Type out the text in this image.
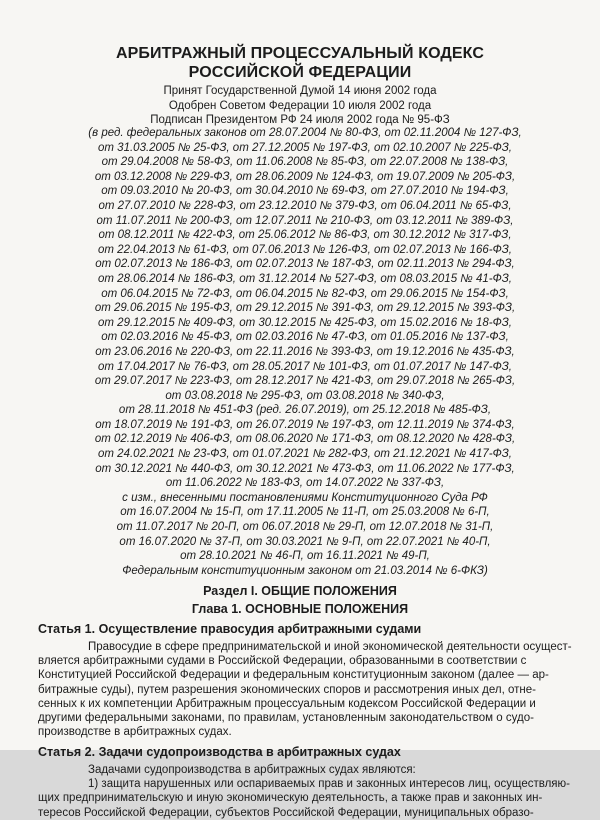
АРБИТРАЖНЫЙ ПРОЦЕССУАЛЬНЫЙ КОДЕКС
РОССИЙСКОЙ ФЕДЕРАЦИИ
Принят Государственной Думой 14 июня 2002 года
Одобрен Советом Федерации 10 июля 2002 года
Подписан Президентом РФ 24 июля 2002 года № 95-ФЗ
(в ред. федеральных законов от 28.07.2004 № 80-ФЗ, от 02.11.2004 № 127-ФЗ,
от 31.03.2005 № 25-ФЗ, от 27.12.2005 № 197-ФЗ, от 02.10.2007 № 225-ФЗ,
от 29.04.2008 № 58-ФЗ, от 11.06.2008 № 85-ФЗ, от 22.07.2008 № 138-ФЗ,
от 03.12.2008 № 229-ФЗ, от 28.06.2009 № 124-ФЗ, от 19.07.2009 № 205-ФЗ,
от 09.03.2010 № 20-ФЗ, от 30.04.2010 № 69-ФЗ, от 27.07.2010 № 194-ФЗ,
от 27.07.2010 № 228-ФЗ, от 23.12.2010 № 379-ФЗ, от 06.04.2011 № 65-ФЗ,
от 11.07.2011 № 200-ФЗ, от 12.07.2011 № 210-ФЗ, от 03.12.2011 № 389-ФЗ,
от 08.12.2011 № 422-ФЗ, от 25.06.2012 № 86-ФЗ, от 30.12.2012 № 317-ФЗ,
от 22.04.2013 № 61-ФЗ, от 07.06.2013 № 126-ФЗ, от 02.07.2013 № 166-ФЗ,
от 02.07.2013 № 186-ФЗ, от 02.07.2013 № 187-ФЗ, от 02.11.2013 № 294-ФЗ,
от 28.06.2014 № 186-ФЗ, от 31.12.2014 № 527-ФЗ, от 08.03.2015 № 41-ФЗ,
от 06.04.2015 № 72-ФЗ, от 06.04.2015 № 82-ФЗ, от 29.06.2015 № 154-ФЗ,
от 29.06.2015 № 195-ФЗ, от 29.12.2015 № 391-ФЗ, от 29.12.2015 № 393-ФЗ,
от 29.12.2015 № 409-ФЗ, от 30.12.2015 № 425-ФЗ, от 15.02.2016 № 18-ФЗ,
от 02.03.2016 № 45-ФЗ, от 02.03.2016 № 47-ФЗ, от 01.05.2016 № 137-ФЗ,
от 23.06.2016 № 220-ФЗ, от 22.11.2016 № 393-ФЗ, от 19.12.2016 № 435-ФЗ,
от 17.04.2017 № 76-ФЗ, от 28.05.2017 № 101-ФЗ, от 01.07.2017 № 147-ФЗ,
от 29.07.2017 № 223-ФЗ, от 28.12.2017 № 421-ФЗ, от 29.07.2018 № 265-ФЗ,
от 03.08.2018 № 295-ФЗ, от 03.08.2018 № 340-ФЗ,
от 28.11.2018 № 451-ФЗ (ред. 26.07.2019), от 25.12.2018 № 485-ФЗ,
от 18.07.2019 № 191-ФЗ, от 26.07.2019 № 197-ФЗ, от 12.11.2019 № 374-ФЗ,
от 02.12.2019 № 406-ФЗ, от 08.06.2020 № 171-ФЗ, от 08.12.2020 № 428-ФЗ,
от 24.02.2021 № 23-ФЗ, от 01.07.2021 № 282-ФЗ, от 21.12.2021 № 417-ФЗ,
от 30.12.2021 № 440-ФЗ, от 30.12.2021 № 473-ФЗ, от 11.06.2022 № 177-ФЗ,
от 11.06.2022 № 183-ФЗ, от 14.07.2022 № 337-ФЗ,
с изм., внесенными постановлениями Конституционного Суда РФ
от 16.07.2004 № 15-П, от 17.11.2005 № 11-П, от 25.03.2008 № 6-П,
от 11.07.2017 № 20-П, от 06.07.2018 № 29-П, от 12.07.2018 № 31-П,
от 16.07.2020 № 37-П, от 30.03.2021 № 9-П, от 22.07.2021 № 40-П,
от 28.10.2021 № 46-П, от 16.11.2021 № 49-П,
Федеральным конституционным законом от 21.03.2014 № 6-ФКЗ)
Раздел I. ОБЩИЕ ПОЛОЖЕНИЯ
Глава 1. ОСНОВНЫЕ ПОЛОЖЕНИЯ
Статья 1. Осуществление правосудия арбитражными судами
Правосудие в сфере предпринимательской и иной экономической деятельности осущест-
вляется арбитражными судами в Российской Федерации, образованными в соответствии с
Конституцией Российской Федерации и федеральным конституционным законом (далее — ар-
битражные суды), путем разрешения экономических споров и рассмотрения иных дел, отне-
сенных к их компетенции Арбитражным процессуальным кодексом Российской Федерации и
другими федеральными законами, по правилам, установленным законодательством о судо-
производстве в арбитражных судах.
Статья 2. Задачи судопроизводства в арбитражных судах
Задачами судопроизводства в арбитражных судах являются:
1) защита нарушенных или оспариваемых прав и законных интересов лиц, осуществляю-
щих предпринимательскую и иную экономическую деятельность, а также прав и законных ин-
тересов Российской Федерации, субъектов Российской Федерации, муниципальных образо-
